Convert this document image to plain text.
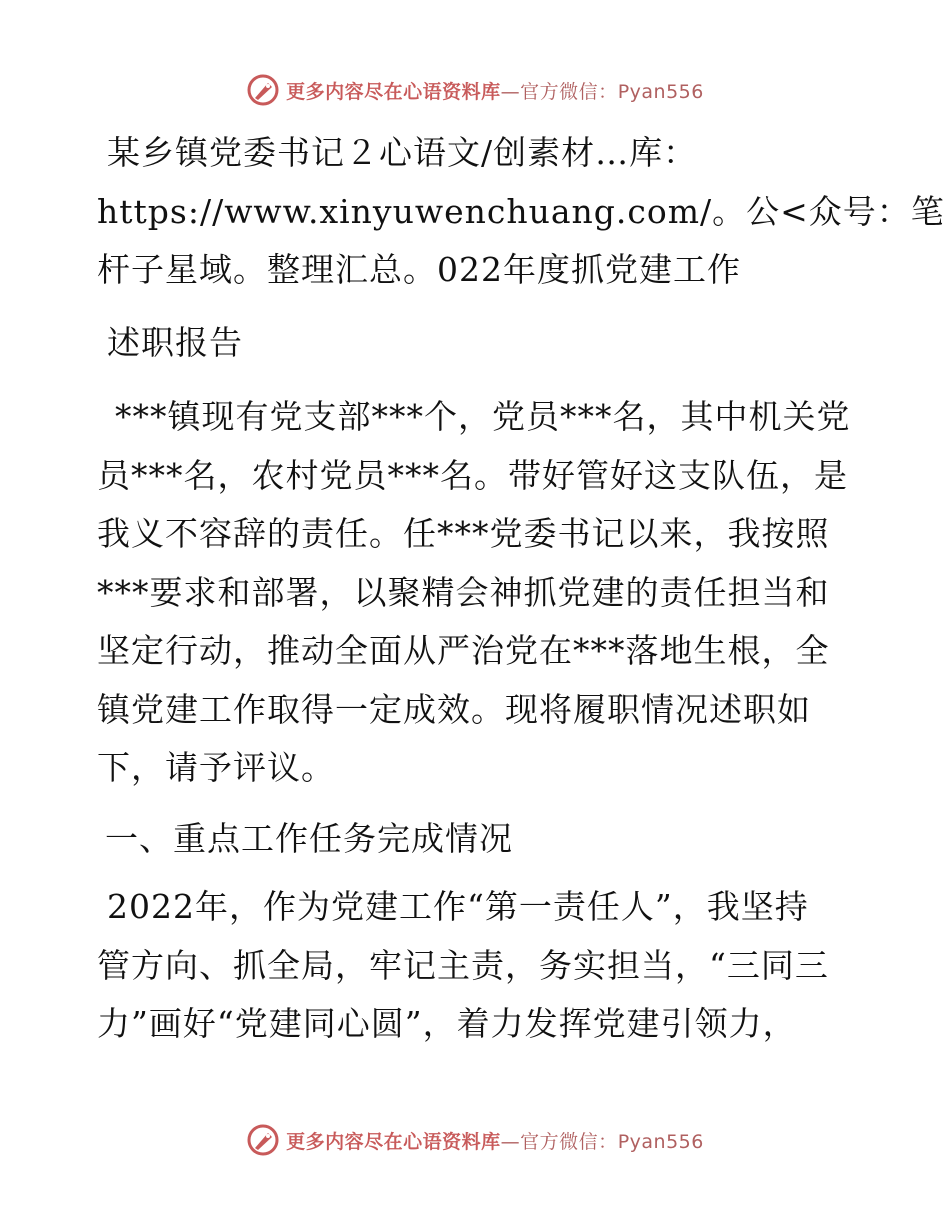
更多内容尽在心语资料库—官方微信：Pyan556

某乡镇党委书记２心语文/创素材…库：
https://www.xinyuwenchuang.com/。公<众号：笔
杆子星域。整理汇总。022年度抓党建工作

述职报告

***镇现有党支部***个，党员***名，其中机关党
员***名，农村党员***名。带好管好这支队伍，是
我义不容辞的责任。任***党委书记以来，我按照
***要求和部署，以聚精会神抓党建的责任担当和
坚定行动，推动全面从严治党在***落地生根，全
镇党建工作取得一定成效。现将履职情况述职如
下，请予评议。

一、重点工作任务完成情况

2022年，作为党建工作“第一责任人”，我坚持
管方向、抓全局，牢记主责，务实担当，“三同三
力”画好“党建同心圆”，着力发挥党建引领力，

更多内容尽在心语资料库—官方微信：Pyan556
